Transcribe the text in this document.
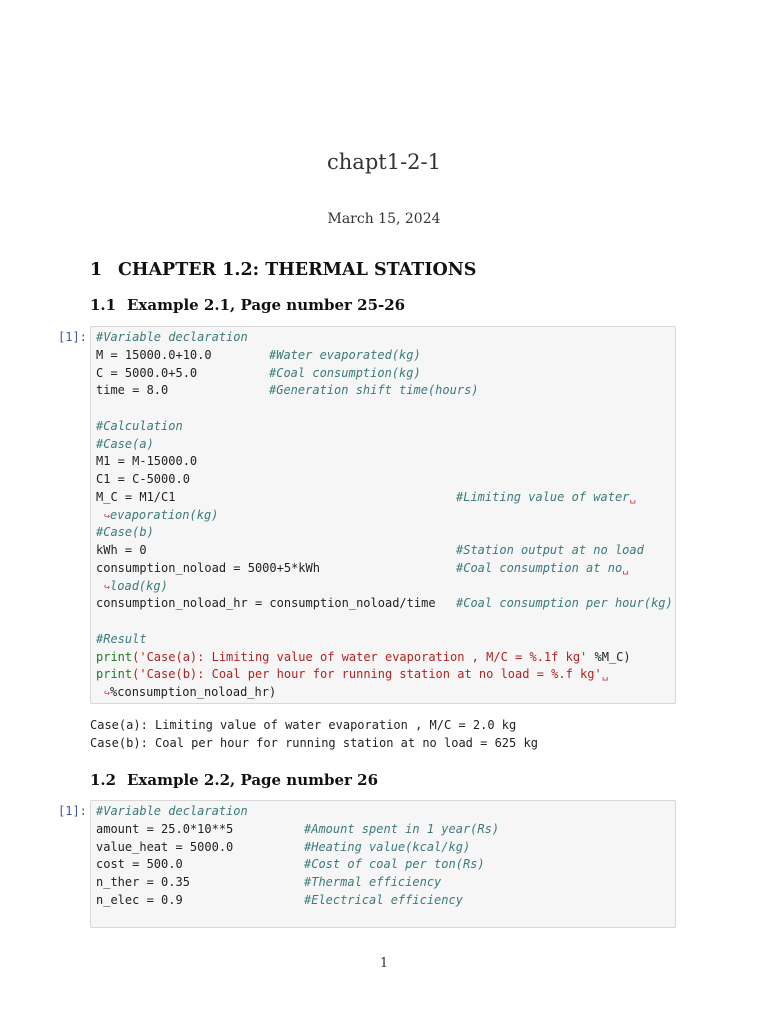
chapt1-2-1
March 15, 2024
1 CHAPTER 1.2: THERMAL STATIONS
1.1 Example 2.1, Page number 25-26
[1]: #Variable declaration
M = 15000.0+10.0	#Water evaporated(kg)
C = 5000.0+5.0	#Coal consumption(kg)
time = 8.0	#Generation shift time(hours)
#Calculation
#Case(a)
M1 = M-15000.0
C1 = C-5000.0
M_C = M1/C1	#Limiting value of water␣
↪evaporation(kg)
#Case(b)
kWh = 0	#Station output at no load
consumption_noload = 5000+5*kWh	#Coal consumption at no␣
↪load(kg)
consumption_noload_hr = consumption_noload/time #Coal consumption per hour(kg)
#Result
print('Case(a): Limiting value of water evaporation , M/C = %.1f kg' %M_C)
print('Case(b): Coal per hour for running station at no load = %.f kg'␣
↪%consumption_noload_hr)
Case(a): Limiting value of water evaporation , M/C = 2.0 kg
Case(b): Coal per hour for running station at no load = 625 kg
1.2 Example 2.2, Page number 26
[1]: #Variable declaration
amount = 25.0*10**5	#Amount spent in 1 year(Rs)
value_heat = 5000.0	#Heating value(kcal/kg)
cost = 500.0	#Cost of coal per ton(Rs)
n_ther = 0.35	#Thermal efficiency
n_elec = 0.9	#Electrical efficiency
1
